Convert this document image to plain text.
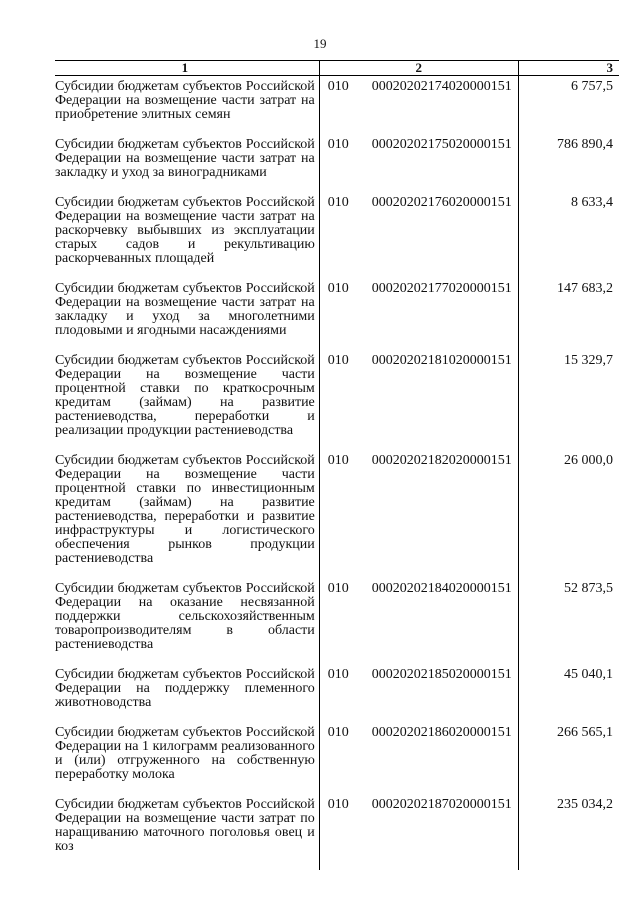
19
1	2	3

Субсидии бюджетам субъектов Российской Федерации на возмещение части затрат на приобретение элитных семян	010 00020202174020000151	6 757,5

Субсидии бюджетам субъектов Российской Федерации на возмещение части затрат на закладку и уход за виноградниками	010 00020202175020000151	786 890,4

Субсидии бюджетам субъектов Российской Федерации на возмещение части затрат на раскорчевку выбывших из эксплуатации старых садов и рекультивацию раскорчеванных площадей	010 00020202176020000151	8 633,4

Субсидии бюджетам субъектов Российской Федерации на возмещение части затрат на закладку и уход за многолетними плодовыми и ягодными насаждениями	010 00020202177020000151	147 683,2

Субсидии бюджетам субъектов Российской Федерации на возмещение части процентной ставки по краткосрочным кредитам (займам) на развитие растениеводства, переработки и реализации продукции растениеводства	010 00020202181020000151	15 329,7

Субсидии бюджетам субъектов Российской Федерации на возмещение части процентной ставки по инвестиционным кредитам (займам) на развитие растениеводства, переработки и развитие инфраструктуры и логистического обеспечения рынков продукции растениеводства	010 00020202182020000151	26 000,0

Субсидии бюджетам субъектов Российской Федерации на оказание несвязанной поддержки сельскохозяйственным товаропроизводителям в области растениеводства	010 00020202184020000151	52 873,5

Субсидии бюджетам субъектов Российской Федерации на поддержку племенного животноводства	010 00020202185020000151	45 040,1

Субсидии бюджетам субъектов Российской Федерации на 1 килограмм реализованного и (или) отгруженного на собственную переработку молока	010 00020202186020000151	266 565,1

Субсидии бюджетам субъектов Российской Федерации на возмещение части затрат по наращиванию маточного поголовья овец и коз	010 00020202187020000151	235 034,2
